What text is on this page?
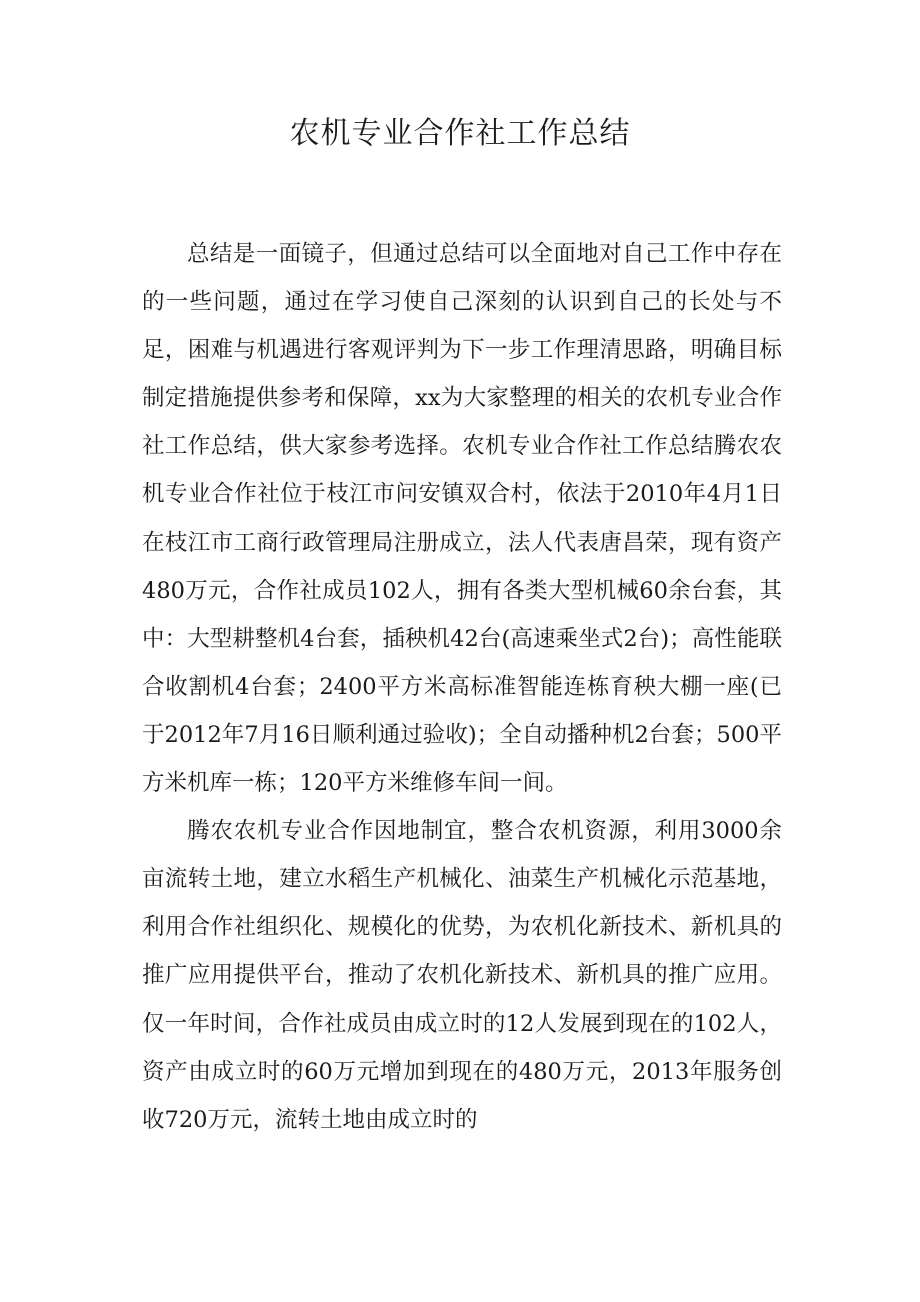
农机专业合作社工作总结

总结是一面镜子，但通过总结可以全面地对自己工作中存在的一些问题，通过在学习使自己深刻的认识到自己的长处与不足，困难与机遇进行客观评判为下一步工作理清思路，明确目标制定措施提供参考和保障，xx为大家整理的相关的农机专业合作社工作总结，供大家参考选择。农机专业合作社工作总结腾农农机专业合作社位于枝江市问安镇双合村，依法于2010年4月1日在枝江市工商行政管理局注册成立，法人代表唐昌荣，现有资产480万元，合作社成员102人，拥有各类大型机械60余台套，其中：大型耕整机4台套，插秧机42台(高速乘坐式2台)；高性能联合收割机4台套；2400平方米高标准智能连栋育秧大棚一座(已于2012年7月16日顺利通过验收)；全自动播种机2台套；500平方米机库一栋；120平方米维修车间一间。

腾农农机专业合作因地制宜，整合农机资源，利用3000余亩流转土地，建立水稻生产机械化、油菜生产机械化示范基地，利用合作社组织化、规模化的优势，为农机化新技术、新机具的推广应用提供平台，推动了农机化新技术、新机具的推广应用。仅一年时间，合作社成员由成立时的12人发展到现在的102人，资产由成立时的60万元增加到现在的480万元，2013年服务创收720万元，流转土地由成立时的
